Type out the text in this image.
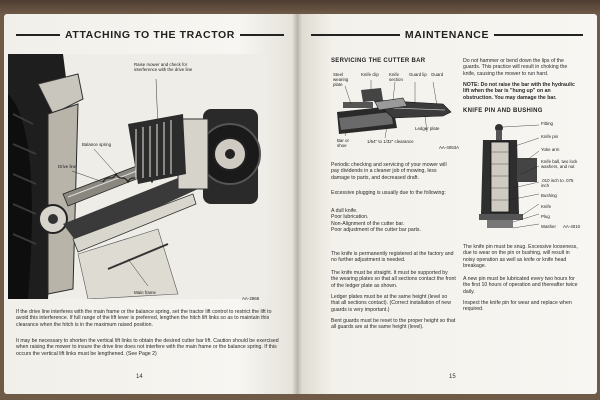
ATTACHING TO THE TRACTOR
Raise mower and check for interference with the drive line
Balance spring
Drive line
Main frame
AA-2868
If the drive line interferes with the main frame or the balance spring, set the tractor lift control to restrict the lift to avoid this interference. If full range of the lift lever is preferred, lengthen the hitch lift links so as to maintain this clearance when the hitch is in the maximum raised position.
It may be necessary to shorten the vertical lift links to obtain the desired cutter bar lift. Caution should be exercised when raising the mower to insure the drive line does not interfere with the main frame or the balance spring. If this occurs the vertical lift links must be lengthened. (See Page 2)
14
MAINTENANCE
SERVICING THE CUTTER BAR
Steel wearing plate
Knife clip	Knife section
Guard lip Guard
Bar or shoe
1/64" to 1/32" clearance
Ledger plate
AA-4063A
Periodic checking and servicing of your mower will pay dividends in a cleaner job of mowing, less damage to parts, and decreased draft.
Excessive plugging is usually due to the following:
A dull knife.
Poor lubrication.
Non-Alignment of the cutter bar.
Poor adjustment of the cutter bar parts.
The knife is permanently registered at the factory and no further adjustment is needed.
The knife must be straight. It must be supported by the wearing plates so that all sections contact the front of the ledger plate as shown.
Ledger plates must be at the same height (level so that all sections contact). (Correct installation of new guards is very important.)
Bent guards must be reset to the proper height so that all guards are at the same height (level).
Do not hammer or bend down the lips of the guards. This practice will result in choking the knife, causing the mower to run hard.
NOTE: Do not raise the bar with the hydraulic lift when the bar is "hung up" on an obstruction. You may damage the bar.
KNIFE PIN AND BUSHING
Fitting
Knife pin
Yoke arm
Knife ball, two lock washers, and nut
.010 inch to .075 inch
Bushing
Knife
Plug
Washer	AA-4010
The knife pin must be snug. Excessive looseness, due to wear on the pin or bushing, will result in noisy operation as well as knife or knife head breakage.
A new pin must be lubricated every two hours for the first 10 hours of operation and thereafter twice daily.
Inspect the knife pin for wear and replace when required.
15
